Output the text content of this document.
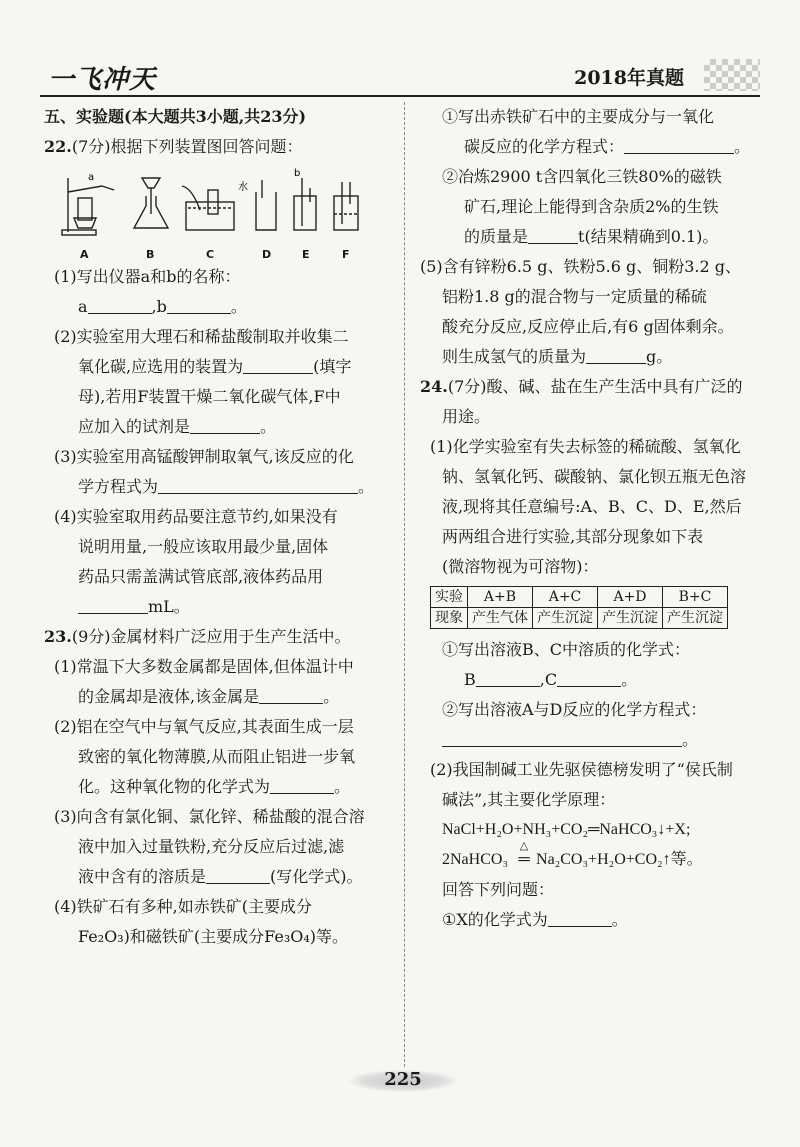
一飞冲天	2018年真题
五、实验题(本大题共3小题,共23分)
22.(7分)根据下列装置图回答问题：
a	b
水
A	B	C	D	E	F
(1)写出仪器a和b的名称：
a	,b	。
(2)实验室用大理石和稀盐酸制取并收集二
氧化碳,应选用的装置为	(填字
母),若用F装置干燥二氧化碳气体,F中
应加入的试剂是	。
(3)实验室用高锰酸钾制取氧气,该反应的化
学方程式为	。
(4)实验室取用药品要注意节约,如果没有
说明用量,一般应该取用最少量,固体
药品只需盖满试管底部,液体药品用
mL。
23.(9分)金属材料广泛应用于生产生活中。
(1)常温下大多数金属都是固体,但体温计中
的金属却是液体,该金属是	。
(2)铝在空气中与氧气反应,其表面生成一层
致密的氧化物薄膜,从而阻止铝进一步氧
化。这种氧化物的化学式为	。
(3)向含有氯化铜、氯化锌、稀盐酸的混合溶
液中加入过量铁粉,充分反应后过滤,滤
液中含有的溶质是	(写化学式)。
(4)铁矿石有多种,如赤铁矿(主要成分
Fe₂O₃)和磁铁矿(主要成分Fe₃O₄)等。
①写出赤铁矿石中的主要成分与一氧化
碳反应的化学方程式：	。
②冶炼2900 t含四氧化三铁80%的磁铁
矿石,理论上能得到含杂质2%的生铁
的质量是	t(结果精确到0.1)。
(5)含有锌粉6.5 g、铁粉5.6 g、铜粉3.2 g、
铝粉1.8 g的混合物与一定质量的稀硫
酸充分反应,反应停止后,有6 g固体剩余。
则生成氢气的质量为	g。
24.(7分)酸、碱、盐在生产生活中具有广泛的
用途。
(1)化学实验室有失去标签的稀硫酸、氢氧化
钠、氢氧化钙、碳酸钠、氯化钡五瓶无色溶
液,现将其任意编号:A、B、C、D、E,然后
两两组合进行实验,其部分现象如下表
(微溶物视为可溶物)：
实验	A+B	A+C	A+D	B+C
现象	产生气体	产生沉淀	产生沉淀	产生沉淀
①写出溶液B、C中溶质的化学式：
B	,C	。
②写出溶液A与D反应的化学方程式：
。
(2)我国制碱工业先驱侯德榜发明了“侯氏制
碱法”,其主要化学原理：
NaCl+H₂O+NH₃+CO₂═NaHCO₃↓+X;
2NaHCO₃
△
═ Na₂CO₃+H₂O+CO₂↑等。
回答下列问题：
①X的化学式为	。
225
